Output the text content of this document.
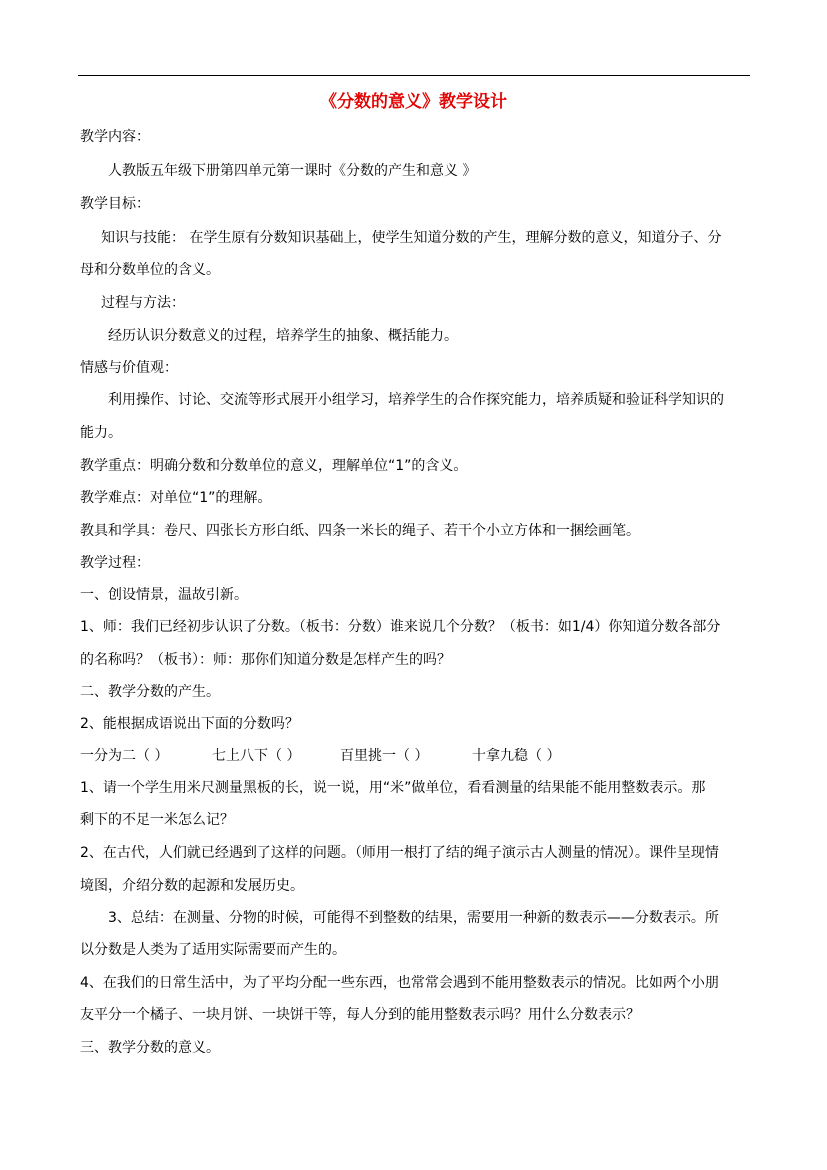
《分数的意义》教学设计
教学内容：
人教版五年级下册第四单元第一课时《分数的产生和意义 》
教学目标：
知识与技能： 在学生原有分数知识基础上，使学生知道分数的产生，理解分数的意义，知道分子、分
母和分数单位的含义。
过程与方法：
经历认识分数意义的过程，培养学生的抽象、概括能力。
情感与价值观：
利用操作、讨论、交流等形式展开小组学习，培养学生的合作探究能力，培养质疑和验证科学知识的
能力。
教学重点：明确分数和分数单位的意义，理解单位“1”的含义。
教学难点：对单位“1”的理解。
教具和学具：卷尺、四张长方形白纸、四条一米长的绳子、若干个小立方体和一捆绘画笔。
教学过程：
一、创设情景，温故引新。
1、师：我们已经初步认识了分数。（板书：分数）谁来说几个分数？（板书：如1/4）你知道分数各部分
的名称吗？（板书）：师：那你们知道分数是怎样产生的吗？
二、教学分数的产生。
2、能根据成语说出下面的分数吗？
一分为二（ ）	七上八下（ ）	百里挑一（ ）	十拿九稳（ ）
1、请一个学生用米尺测量黑板的长，说一说，用“米”做单位，看看测量的结果能不能用整数表示。那
剩下的不足一米怎么记？
2、在古代，人们就已经遇到了这样的问题。（师用一根打了结的绳子演示古人测量的情况）。课件呈现情
境图，介绍分数的起源和发展历史。
3、总结：在测量、分物的时候，可能得不到整数的结果，需要用一种新的数表示——分数表示。所
以分数是人类为了适用实际需要而产生的。
4、在我们的日常生活中，为了平均分配一些东西，也常常会遇到不能用整数表示的情况。比如两个小朋
友平分一个橘子、一块月饼、一块饼干等，每人分到的能用整数表示吗？用什么分数表示？
三、教学分数的意义。
